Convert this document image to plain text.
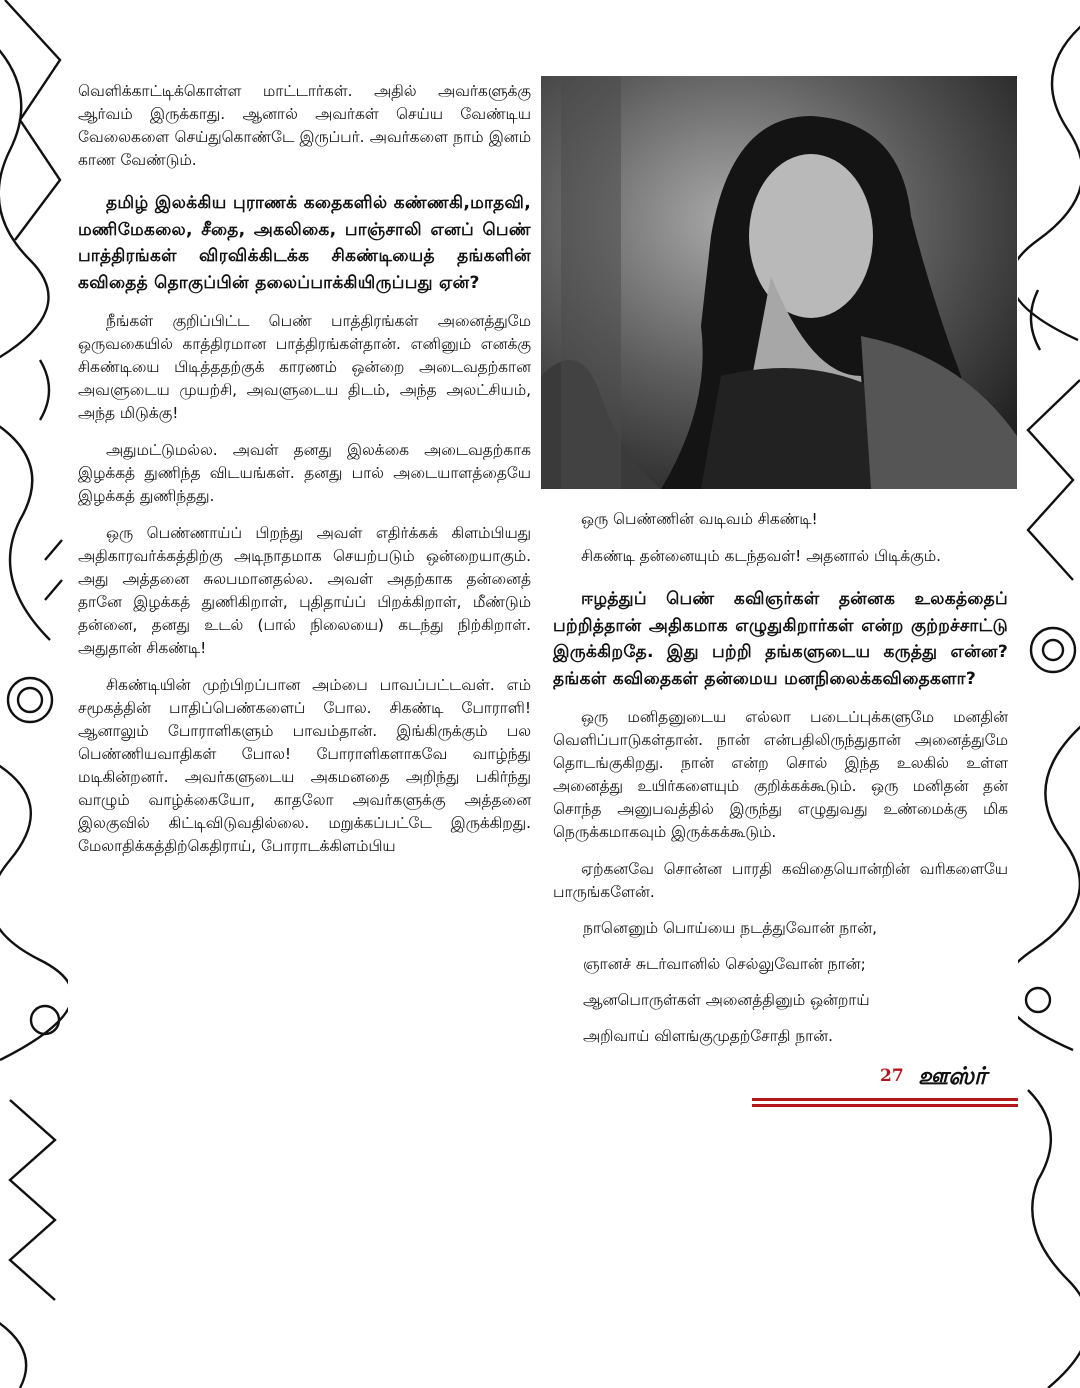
வெளிக்காட்டிக்கொள்ள மாட்டார்கள். அதில் அவர்களுக்கு ஆர்வம் இருக்காது. ஆனால் அவர்கள் செய்ய வேண்டிய வேலைகளை செய்துகொண்டே இருப்பர். அவர்களை நாம் இனம் காண வேண்டும்.

தமிழ் இலக்கிய புராணக் கதைகளில் கண்ணகி,மாதவி, மணிமேகலை, சீதை, அகலிகை, பாஞ்சாலி எனப் பெண் பாத்திரங்கள் விரவிக்கிடக்க சிகண்டியைத் தங்களின் கவிதைத் தொகுப்பின் தலைப்பாக்கியிருப்பது ஏன்?

நீங்கள் குறிப்பிட்ட பெண் பாத்திரங்கள் அனைத்துமே ஒருவகையில் காத்திரமான பாத்திரங்கள்தான். எனினும் எனக்கு சிகண்டியை பிடித்ததற்குக் காரணம் ஒன்றை அடைவதற்கான அவளுடைய முயற்சி, அவளுடைய திடம், அந்த அலட்சியம், அந்த மிடுக்கு!

அதுமட்டுமல்ல. அவள் தனது இலக்கை அடைவதற்காக இழக்கத் துணிந்த விடயங்கள். தனது பால் அடையாளத்தையே இழக்கத் துணிந்தது.

ஒரு பெண்ணாய்ப் பிறந்து அவள் எதிர்க்கக் கிளம்பியது அதிகாரவர்க்கத்திற்கு அடிநாதமாக செயற்படும் ஒன்றையாகும். அது அத்தனை சுலபமானதல்ல. அவள் அதற்காக தன்னைத் தானே இழக்கத் துணிகிறாள், புதிதாய்ப் பிறக்கிறாள், மீண்டும் தன்னை, தனது உடல் (பால் நிலையை) கடந்து நிற்கிறாள். அதுதான் சிகண்டி!

சிகண்டியின் முற்பிறப்பான அம்பை பாவப்பட்டவள். எம் சமூகத்தின் பாதிப்பெண்களைப் போல. சிகண்டி போராளி! ஆனாலும் போராளிகளும் பாவம்தான். இங்கிருக்கும் பல பெண்ணியவாதிகள் போல! போராளிகளாகவே வாழ்ந்து மடிகின்றனர். அவர்களுடைய அகமனதை அறிந்து பகிர்ந்து வாழும் வாழ்க்கையோ, காதலோ அவர்களுக்கு அத்தனை இலகுவில் கிட்டிவிடுவதில்லை. மறுக்கப்பட்டே இருக்கிறது. மேலாதிக்கத்திற்கெதிராய், போராடக்கிளம்பிய

ஒரு பெண்ணின் வடிவம் சிகண்டி!

சிகண்டி தன்னையும் கடந்தவள்! அதனால் பிடிக்கும்.

ஈழத்துப் பெண் கவிஞர்கள் தன்னக உலகத்தைப் பற்றித்தான் அதிகமாக எழுதுகிறார்கள் என்ற குற்றச்சாட்டு இருக்கிறதே. இது பற்றி தங்களுடைய கருத்து என்ன? தங்கள் கவிதைகள் தன்மைய மனநிலைக்கவிதைகளா?

ஒரு மனிதனுடைய எல்லா படைப்புக்களுமே மனதின் வெளிப்பாடுகள்தான். நான் என்பதிலிருந்துதான் அனைத்துமே தொடங்குகிறது. நான் என்ற சொல் இந்த உலகில் உள்ள அனைத்து உயிர்களையும் குறிக்கக்கூடும். ஒரு மனிதன் தன் சொந்த அனுபவத்தில் இருந்து எழுதுவது உண்மைக்கு மிக நெருக்கமாகவும் இருக்கக்கூடும்.

ஏற்கனவே சொன்ன பாரதி கவிதையொன்றின் வரிகளையே பாருங்களேன்.

நானெனும் பொய்யை நடத்துவோன் நான்,

ஞானச் சுடர்வானில் செல்லுவோன் நான்;

ஆனபொருள்கள் அனைத்தினும் ஒன்றாய்

அறிவாய் விளங்குமுதற்சோதி நான்.

27 ஊஸ்ர்
